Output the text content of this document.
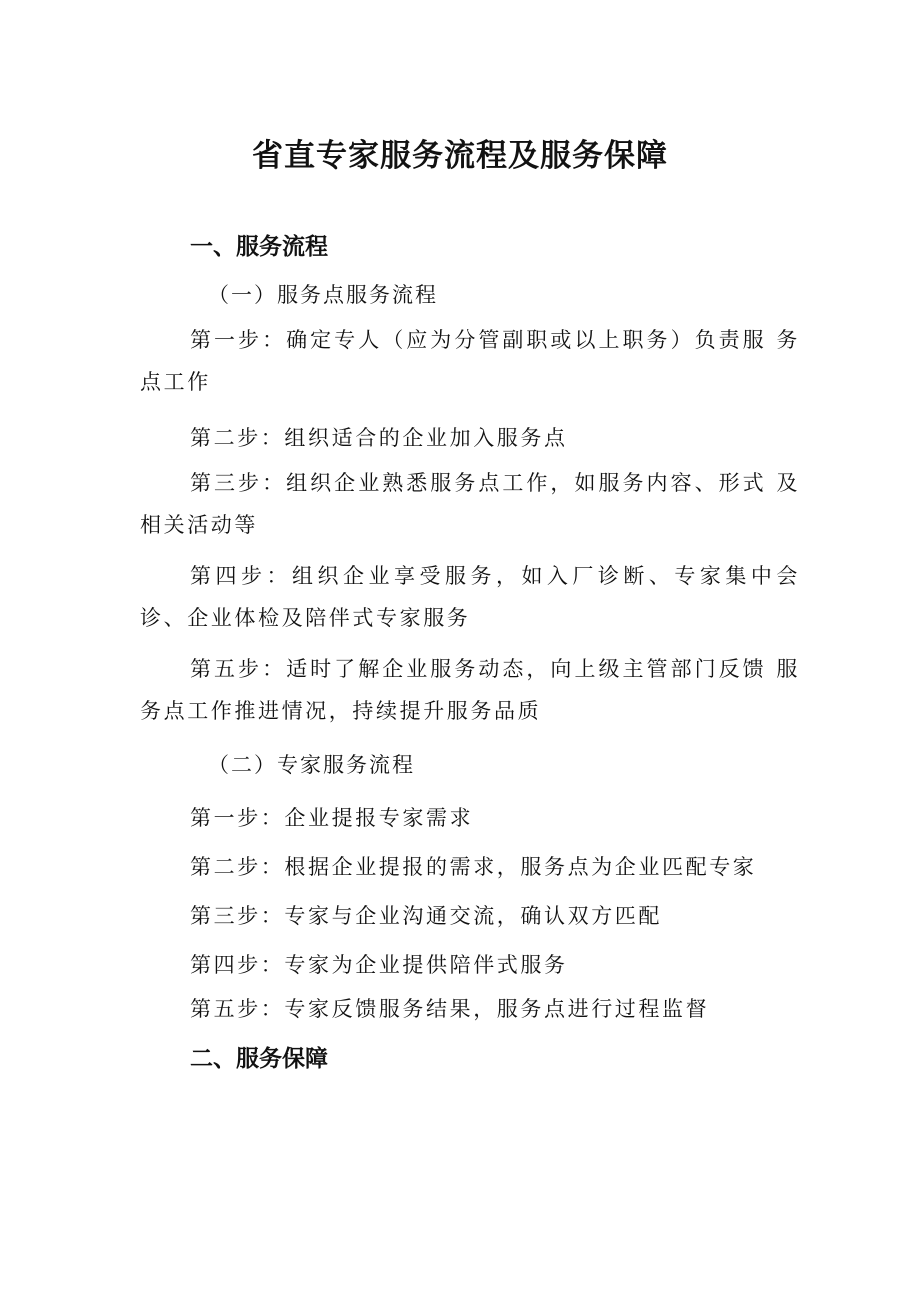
省直专家服务流程及服务保障
一、服务流程
（一）服务点服务流程
第一步：确定专人（应为分管副职或以上职务）负责服 务点工作
第二步：组织适合的企业加入服务点
第三步：组织企业熟悉服务点工作，如服务内容、形式 及相关活动等
第四步：组织企业享受服务，如入厂诊断、专家集中会 诊、企业体检及陪伴式专家服务
第五步：适时了解企业服务动态，向上级主管部门反馈 服务点工作推进情况，持续提升服务品质
（二）专家服务流程
第一步：企业提报专家需求
第二步：根据企业提报的需求，服务点为企业匹配专家
第三步：专家与企业沟通交流，确认双方匹配
第四步：专家为企业提供陪伴式服务
第五步：专家反馈服务结果，服务点进行过程监督
二、服务保障
